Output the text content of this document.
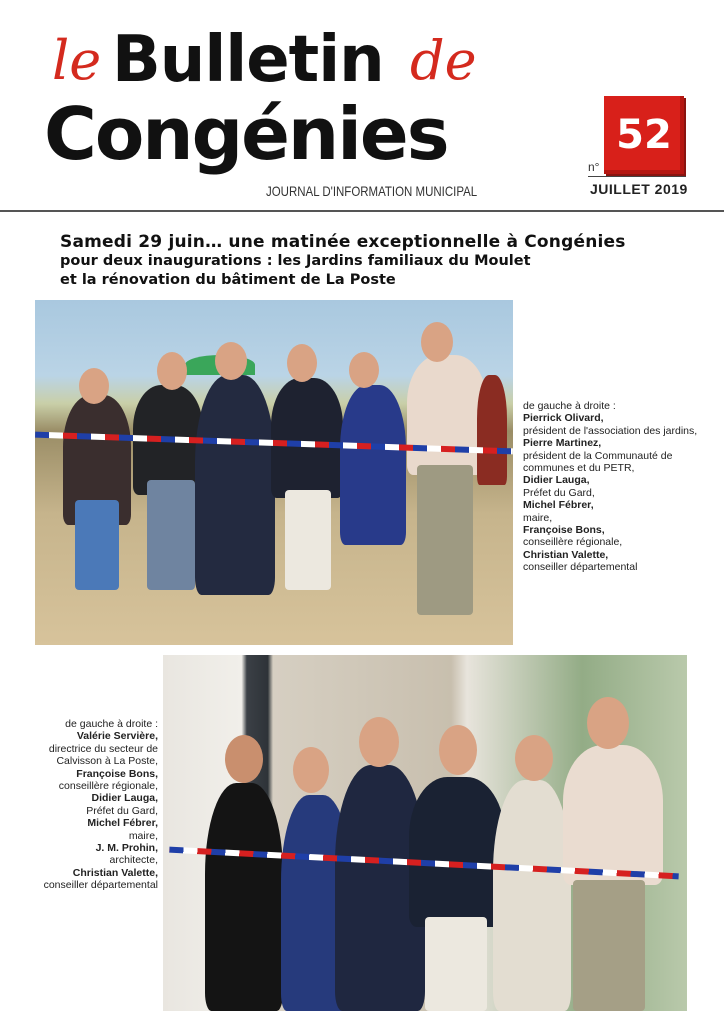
le Bulletin de
Congénies
JOURNAL D'INFORMATION MUNICIPAL
52
n°
JUILLET 2019
Samedi 29 juin… une matinée exceptionnelle à Congénies
pour deux inaugurations : les Jardins familiaux du Moulet
et la rénovation du bâtiment de La Poste
de gauche à droite :
Pierrick Olivard,
président de l'association des jardins,
Pierre Martinez,
président de la Communauté de communes et du PETR,
Didier Lauga,
Préfet du Gard,
Michel Fébrer,
maire,
Françoise Bons,
conseillère régionale,
Christian Valette,
conseiller départemental
de gauche à droite :
Valérie Servière,
directrice du secteur de Calvisson à La Poste,
Françoise Bons,
conseillère régionale,
Didier Lauga,
Préfet du Gard,
Michel Fébrer,
maire,
J. M. Prohin,
architecte,
Christian Valette,
conseiller départemental
